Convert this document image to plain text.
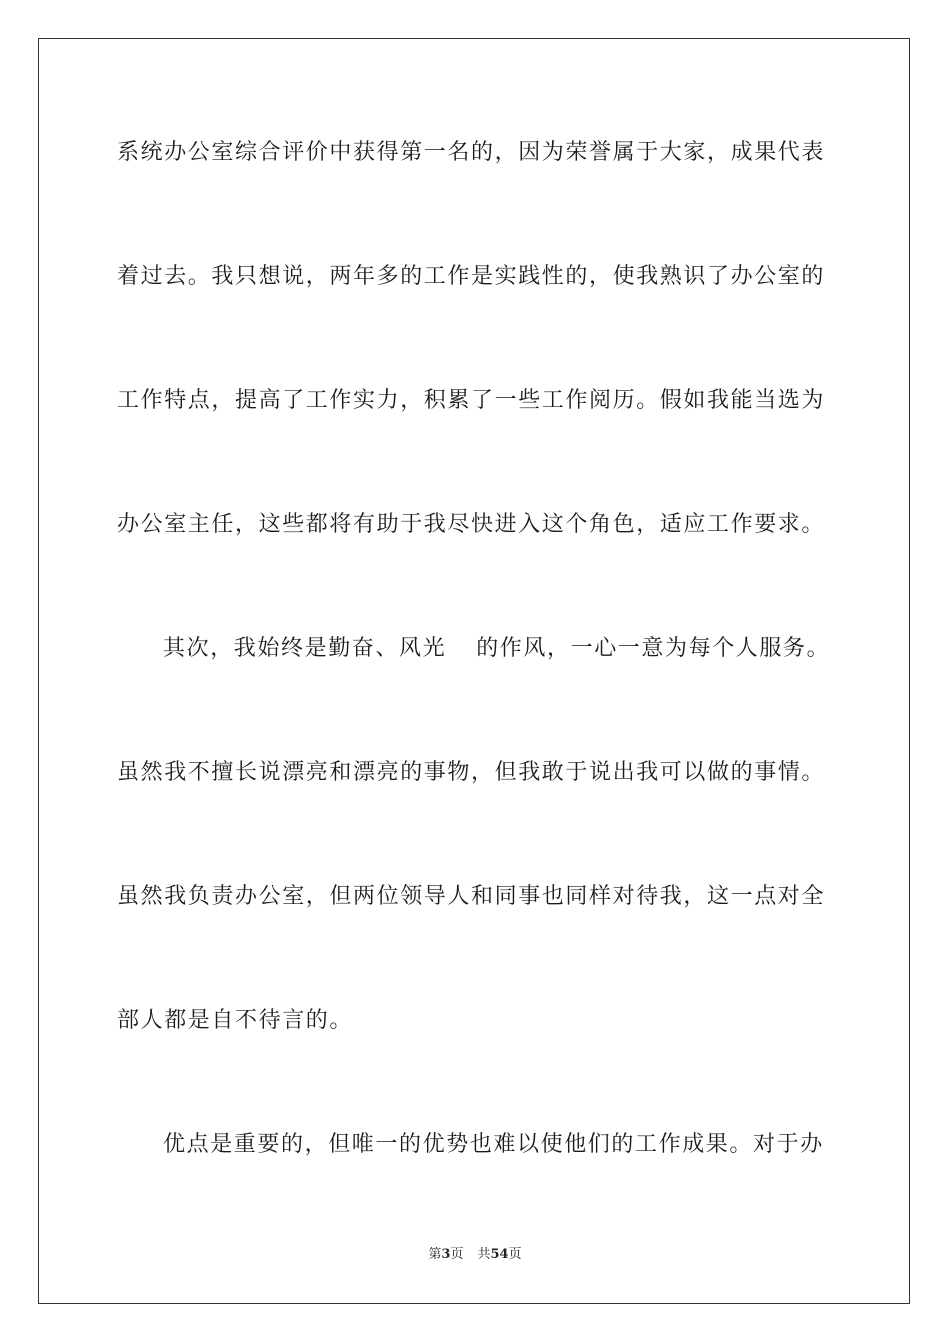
系统办公室综合评价中获得第一名的，因为荣誉属于大家，成果代表
着过去。我只想说，两年多的工作是实践性的，使我熟识了办公室的
工作特点，提高了工作实力，积累了一些工作阅历。假如我能当选为
办公室主任，这些都将有助于我尽快进入这个角色，适应工作要求。
其次，我始终是勤奋、风光 的作风，一心一意为每个人服务。
虽然我不擅长说漂亮和漂亮的事物，但我敢于说出我可以做的事情。
虽然我负责办公室，但两位领导人和同事也同样对待我，这一点对全
部人都是自不待言的。
优点是重要的，但唯一的优势也难以使他们的工作成果。对于办
第3页 共54页
